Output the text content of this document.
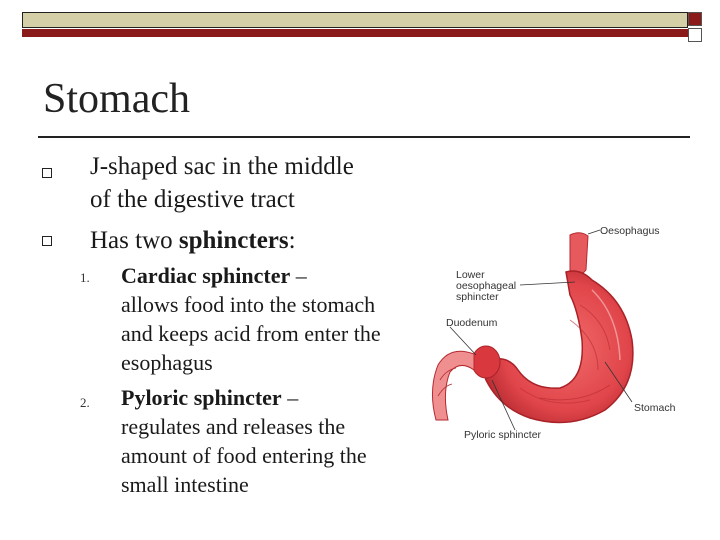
Stomach
J-shaped sac in the middle
of the digestive tract
Has two sphincters:
1. Cardiac sphincter –
allows food into the stomach
and keeps acid from enter the
esophagus
2. Pyloric sphincter –
regulates and releases the
amount of food entering the
small intestine
Oesophagus
Lower
oesophageal
sphincter
Duodenum
Stomach
Pyloric sphincter
